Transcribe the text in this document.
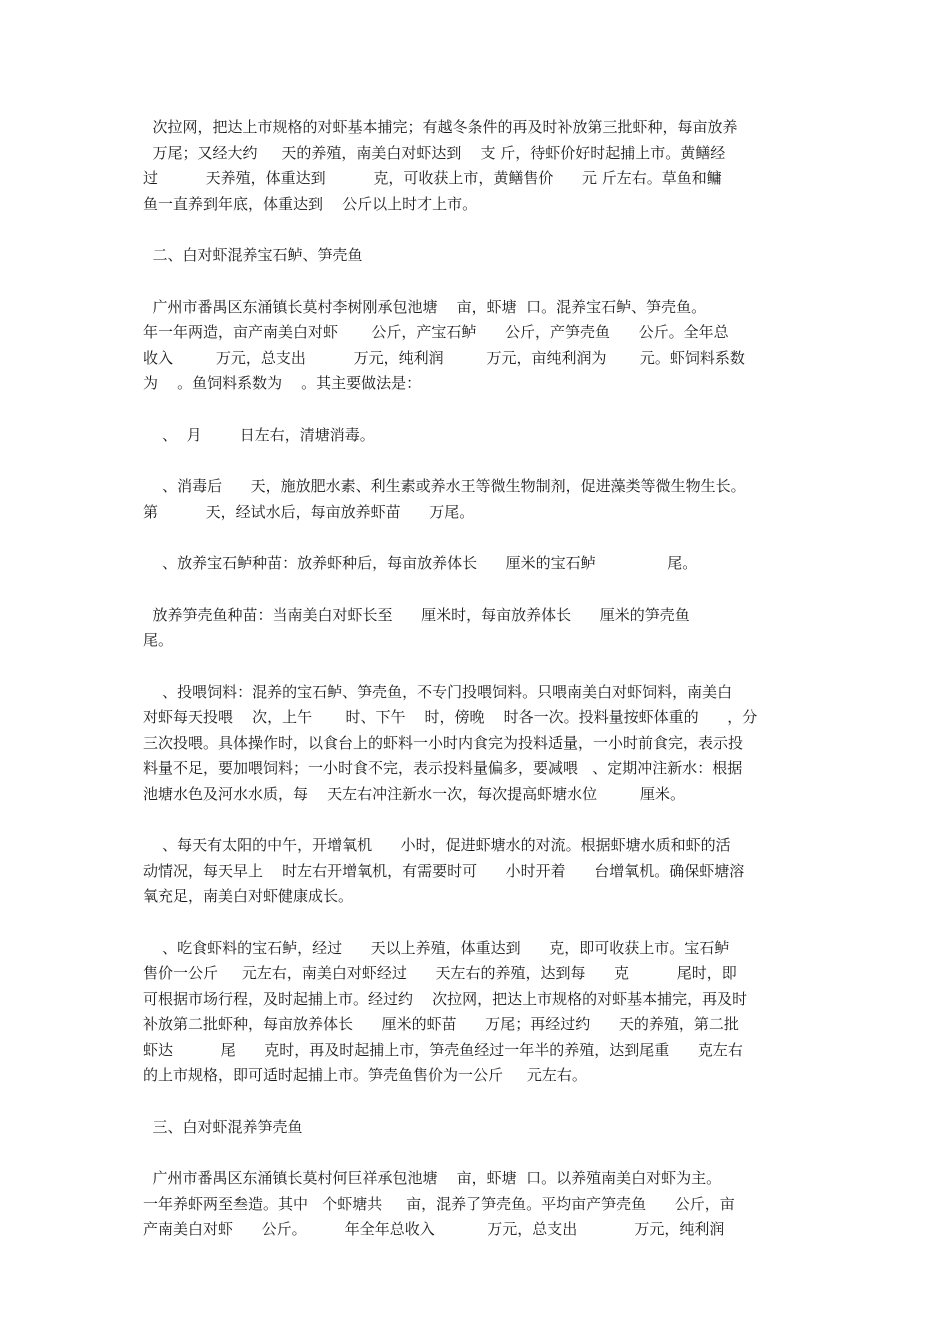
次拉网，把达上市规格的对虾基本捕完；有越冬条件的再及时补放第三批虾种，每亩放养
万尾；又经大约     天的养殖，南美白对虾达到    支 斤，待虾价好时起捕上市。黄鳝经
过          天养殖，体重达到          克，可收获上市，黄鳝售价      元 斤左右。草鱼和鳙
鱼一直养到年底，体重达到    公斤以上时才上市。
二、白对虾混养宝石鲈、笋壳鱼
广州市番禺区东涌镇长莫村李树刚承包池塘    亩，虾塘  口。混养宝石鲈、笋壳鱼。
年一年两造，亩产南美白对虾       公斤，产宝石鲈      公斤，产笋壳鱼      公斤。全年总
收入         万元，总支出          万元，纯利润         万元，亩纯利润为       元。虾饲料系数
为    。鱼饲料系数为    。其主要做法是：
、  月        日左右，清塘消毒。
、消毒后      天，施放肥水素、利生素或养水王等微生物制剂，促进藻类等微生物生长。
第          天，经试水后，每亩放养虾苗      万尾。
、放养宝石鲈种苗：放养虾种后，每亩放养体长      厘米的宝石鲈               尾。
放养笋壳鱼种苗：当南美白对虾长至      厘米时，每亩放养体长      厘米的笋壳鱼
尾。
、投喂饲料：混养的宝石鲈、笋壳鱼，不专门投喂饲料。只喂南美白对虾饲料，南美白
对虾每天投喂    次，上午       时、下午    时，傍晚    时各一次。投料量按虾体重的      ，分
三次投喂。具体操作时，以食台上的虾料一小时内食完为投料适量，一小时前食完，表示投
料量不足，要加喂饲料；一小时食不完，表示投料量偏多，要减喂   、定期冲注新水：根据
池塘水色及河水水质，每    天左右冲注新水一次，每次提高虾塘水位         厘米。
、每天有太阳的中午，开增氧机      小时，促进虾塘水的对流。根据虾塘水质和虾的活
动情况，每天早上    时左右开增氧机，有需要时可      小时开着      台增氧机。确保虾塘溶
氧充足，南美白对虾健康成长。
、吃食虾料的宝石鲈，经过      天以上养殖，体重达到      克，即可收获上市。宝石鲈
售价一公斤     元左右，南美白对虾经过      天左右的养殖，达到每      克          尾时，即
可根据市场行程，及时起捕上市。经过约    次拉网，把达上市规格的对虾基本捕完，再及时
补放第二批虾种，每亩放养体长      厘米的虾苗      万尾；再经过约      天的养殖，第二批
虾达          尾      克时，再及时起捕上市，笋壳鱼经过一年半的养殖，达到尾重      克左右
的上市规格，即可适时起捕上市。笋壳鱼售价为一公斤     元左右。
三、白对虾混养笋壳鱼
广州市番禺区东涌镇长莫村何巨祥承包池塘    亩，虾塘  口。以养殖南美白对虾为主。
一年养虾两至叁造。其中   个虾塘共     亩，混养了笋壳鱼。平均亩产笋壳鱼      公斤，亩
产南美白对虾      公斤。        年全年总收入           万元，总支出            万元，纯利润
